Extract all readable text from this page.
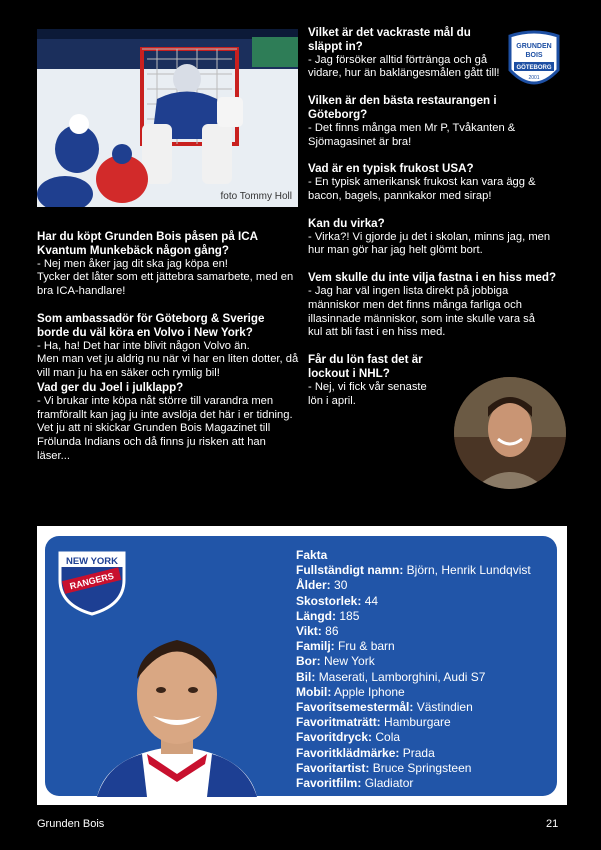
foto Tommy Holl

Har du köpt Grunden Bois påsen på ICA Kvantum Munkebäck någon gång?

- Nej men åker jag dit ska jag köpa en!

Tycker det låter som ett jättebra samarbete, med en bra ICA-handlare!

Som ambassadör för Göteborg & Sverige borde du väl köra en Volvo i New York?

- Ha, ha! Det har inte blivit någon Volvo än.

Men man vet ju aldrig nu när vi har en liten dotter, då vill man ju ha en säker och rymlig bil!

Vad ger du Joel i julklapp?

- Vi brukar inte köpa nåt större till varandra men framförallt kan jag ju inte avslöja det här i er tidning.

Vet ju att ni skickar Grunden Bois Magazinet till Frölunda Indians och då finns ju risken att han läser...

Vilket är det vackraste mål du släppt in?

- Jag försöker alltid förtränga och gå vidare, hur än baklängesmålen gått till!

Vilken är den bästa restaurangen i Göteborg?

- Det finns många men Mr P, Tvåkanten & Sjömagasinet är bra!

Vad är en typisk frukost USA?

- En typisk amerikansk frukost kan vara ägg & bacon, bagels, pannkakor med sirap!

Kan du virka?

- Virka?! Vi gjorde ju det i skolan, minns jag, men hur man gör har jag helt glömt bort.

Vem skulle du inte vilja fastna i en hiss med?

- Jag har väl ingen lista direkt på jobbiga människor men det finns många farliga och illasinnade människor, som inte skulle vara så kul att bli fast i en hiss med.

Får du lön fast det är lockout i NHL?

- Nej, vi fick vår senaste lön i april.

GRUNDEN
BOIS
GÖTEBORG
2001
NEW YORK
RANGERS
Fakta
Fullständigt namn: Björn, Henrik Lundqvist
Ålder: 30
Skostorlek: 44
Längd: 185
Vikt: 86
Familj: Fru & barn
Bor: New York
Bil: Maserati, Lamborghini, Audi S7
Mobil: Apple Iphone
Favoritsemestermål: Västindien
Favoritmaträtt: Hamburgare
Favoritdryck: Cola
Favoritklädmärke: Prada
Favoritartist: Bruce Springsteen
Favoritfilm: Gladiator
Grunden Bois	21
